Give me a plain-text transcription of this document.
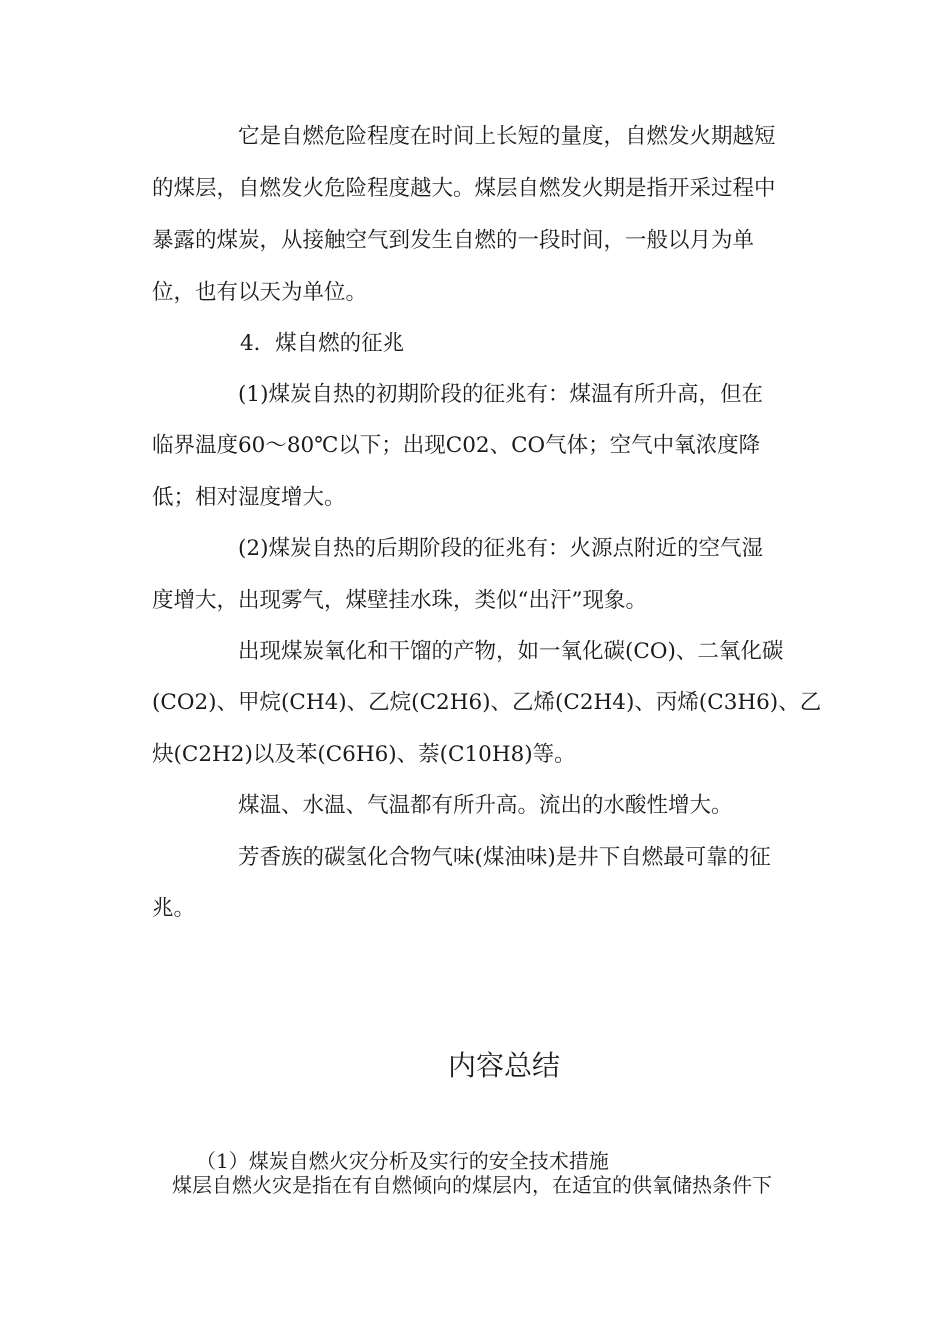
它是自燃危险程度在时间上长短的量度，自燃发火期越短
的煤层，自燃发火危险程度越大。煤层自燃发火期是指开采过程中
暴露的煤炭，从接触空气到发生自燃的一段时间，一般以月为单
位，也有以天为单位。
4．煤自燃的征兆
(1)煤炭自热的初期阶段的征兆有：煤温有所升高，但在
临界温度60～80℃以下；出现C02、CO气体；空气中氧浓度降
低；相对湿度增大。
(2)煤炭自热的后期阶段的征兆有：火源点附近的空气湿
度增大，出现雾气，煤壁挂水珠，类似“出汗”现象。
出现煤炭氧化和干馏的产物，如一氧化碳(CO)、二氧化碳
(CO2)、甲烷(CH4)、乙烷(C2H6)、乙烯(C2H4)、丙烯(C3H6)、乙
炔(C2H2)以及苯(C6H6)、萘(C10H8)等。
煤温、水温、气温都有所升高。流出的水酸性增大。
芳香族的碳氢化合物气味(煤油味)是井下自燃最可靠的征
兆。
内容总结
（1）煤炭自燃火灾分析及实行的安全技术措施
煤层自燃火灾是指在有自燃倾向的煤层内，在适宜的供氧储热条件下
